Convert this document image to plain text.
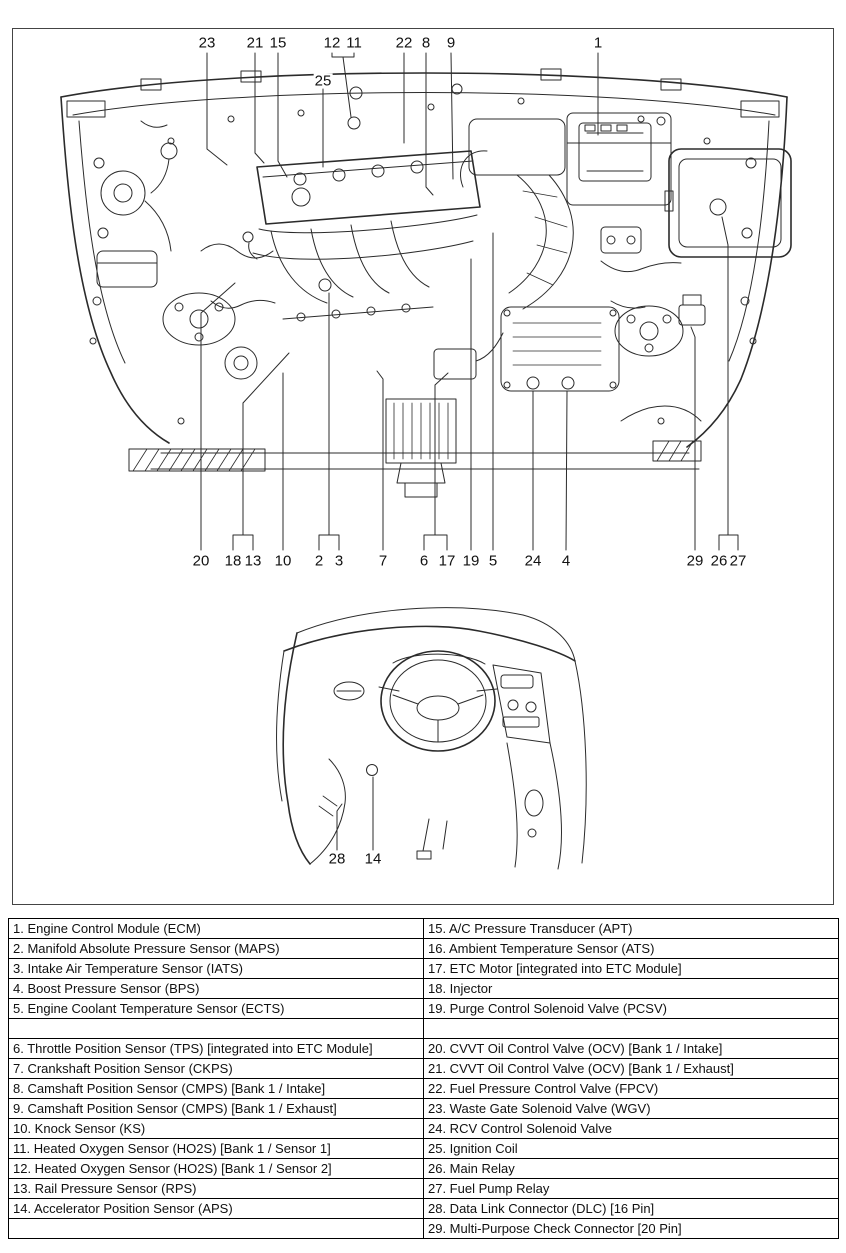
23 21 15 12 11
25
22 8 9	1
20 18 13 10 2 3 7 6 17 19 5 24 4	29 26 27
28 14
1. Engine Control Module (ECM)	15. A/C Pressure Transducer (APT)
2. Manifold Absolute Pressure Sensor (MAPS)	16. Ambient Temperature Sensor (ATS)
3. Intake Air Temperature Sensor (IATS)	17. ETC Motor [integrated into ETC Module]
4. Boost Pressure Sensor (BPS)	18. Injector
5. Engine Coolant Temperature Sensor (ECTS)	19. Purge Control Solenoid Valve (PCSV)

6. Throttle Position Sensor (TPS) [integrated into ETC Module]	20. CVVT Oil Control Valve (OCV) [Bank 1 / Intake]
7. Crankshaft Position Sensor (CKPS)	21. CVVT Oil Control Valve (OCV) [Bank 1 / Exhaust]
8. Camshaft Position Sensor (CMPS) [Bank 1 / Intake]	22. Fuel Pressure Control Valve (FPCV)
9. Camshaft Position Sensor (CMPS) [Bank 1 / Exhaust]	23. Waste Gate Solenoid Valve (WGV)
10. Knock Sensor (KS)	24. RCV Control Solenoid Valve
11. Heated Oxygen Sensor (HO2S) [Bank 1 / Sensor 1]	25. Ignition Coil
12. Heated Oxygen Sensor (HO2S) [Bank 1 / Sensor 2]	26. Main Relay
13. Rail Pressure Sensor (RPS)	27. Fuel Pump Relay
14. Accelerator Position Sensor (APS)	28. Data Link Connector (DLC) [16 Pin]
	29. Multi-Purpose Check Connector [20 Pin]
